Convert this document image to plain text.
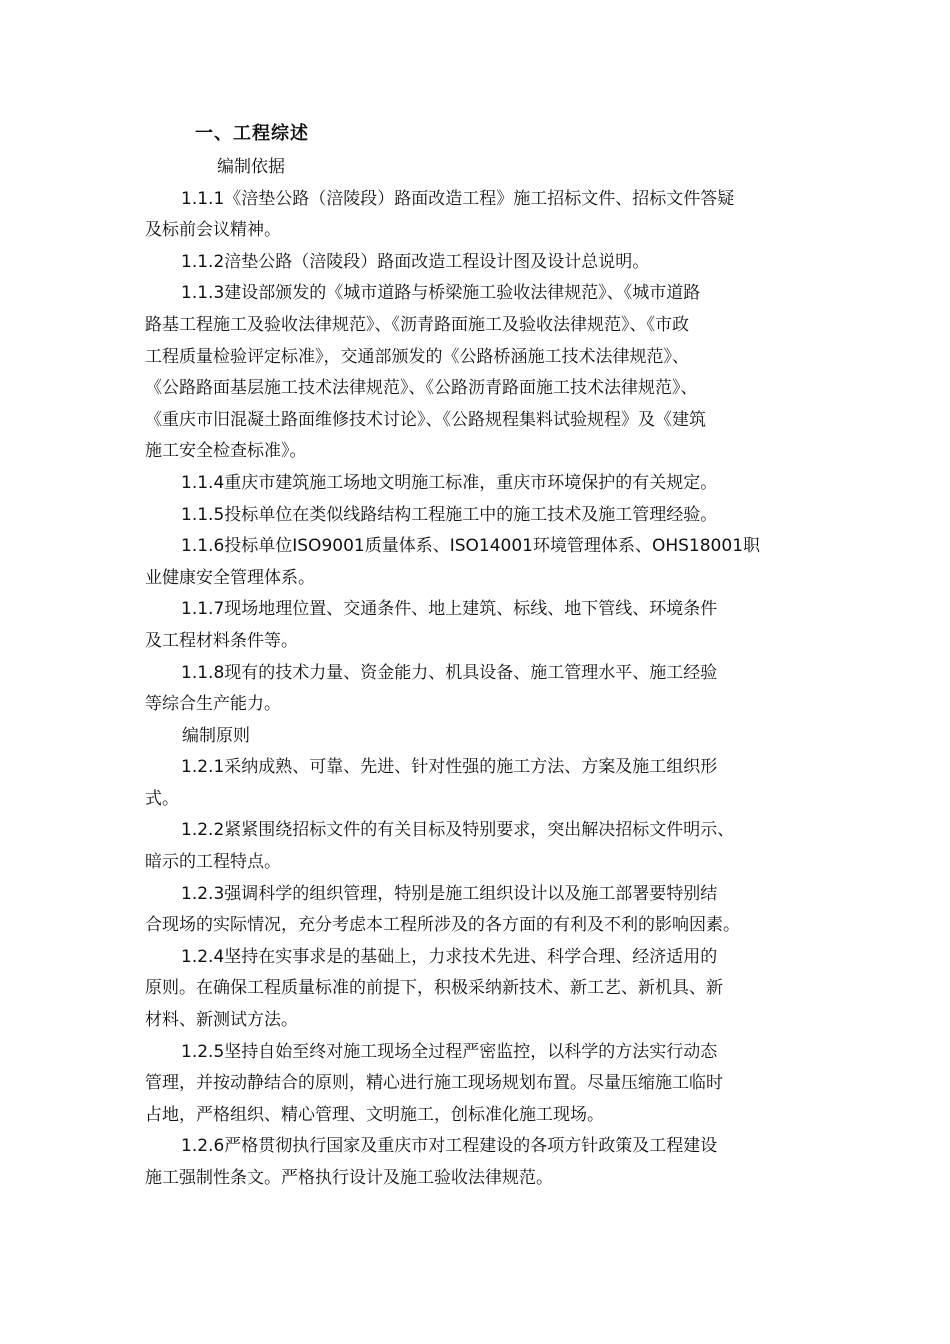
一、工程综述
编制依据
1.1.1《涪垫公路（涪陵段）路面改造工程》施工招标文件、招标文件答疑
及标前会议精神。
1.1.2涪垫公路（涪陵段）路面改造工程设计图及设计总说明。
1.1.3建设部颁发的《城市道路与桥梁施工验收法律规范》、《城市道路
路基工程施工及验收法律规范》、《沥青路面施工及验收法律规范》、《市政
工程质量检验评定标准》，交通部颁发的《公路桥涵施工技术法律规范》、
《公路路面基层施工技术法律规范》、《公路沥青路面施工技术法律规范》、
《重庆市旧混凝土路面维修技术讨论》、《公路规程集料试验规程》及《建筑
施工安全检查标准》。
1.1.4重庆市建筑施工场地文明施工标准，重庆市环境保护的有关规定。
1.1.5投标单位在类似线路结构工程施工中的施工技术及施工管理经验。
1.1.6投标单位ISO9001质量体系、ISO14001环境管理体系、OHS18001职
业健康安全管理体系。
1.1.7现场地理位置、交通条件、地上建筑、标线、地下管线、环境条件
及工程材料条件等。
1.1.8现有的技术力量、资金能力、机具设备、施工管理水平、施工经验
等综合生产能力。
编制原则
1.2.1采纳成熟、可靠、先进、针对性强的施工方法、方案及施工组织形
式。
1.2.2紧紧围绕招标文件的有关目标及特别要求，突出解决招标文件明示、
暗示的工程特点。
1.2.3强调科学的组织管理，特别是施工组织设计以及施工部署要特别结
合现场的实际情况，充分考虑本工程所涉及的各方面的有利及不利的影响因素。
1.2.4坚持在实事求是的基础上，力求技术先进、科学合理、经济适用的
原则。在确保工程质量标准的前提下，积极采纳新技术、新工艺、新机具、新
材料、新测试方法。
1.2.5坚持自始至终对施工现场全过程严密监控，以科学的方法实行动态
管理，并按动静结合的原则，精心进行施工现场规划布置。尽量压缩施工临时
占地，严格组织、精心管理、文明施工，创标准化施工现场。
1.2.6严格贯彻执行国家及重庆市对工程建设的各项方针政策及工程建设
施工强制性条文。严格执行设计及施工验收法律规范。
